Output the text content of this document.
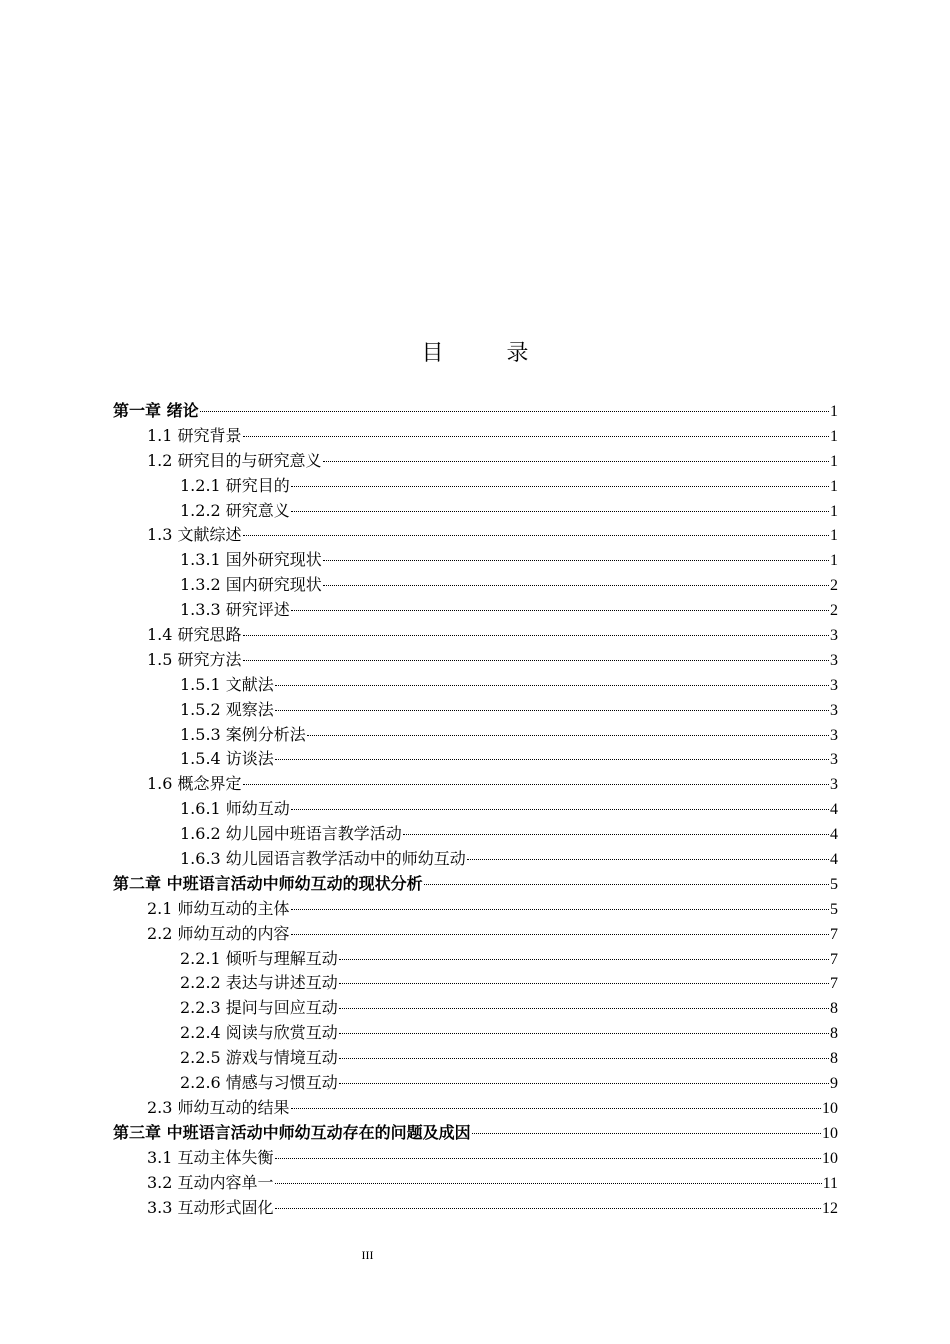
目 录
第一章 绪论	1
1.1 研究背景	1
1.2 研究目的与研究意义	1
1.2.1 研究目的	1
1.2.2 研究意义	1
1.3 文献综述	1
1.3.1 国外研究现状	1
1.3.2 国内研究现状	2
1.3.3 研究评述	2
1.4 研究思路	3
1.5 研究方法	3
1.5.1 文献法	3
1.5.2 观察法	3
1.5.3 案例分析法	3
1.5.4 访谈法	3
1.6 概念界定	3
1.6.1 师幼互动	4
1.6.2 幼儿园中班语言教学活动	4
1.6.3 幼儿园语言教学活动中的师幼互动	4
第二章 中班语言活动中师幼互动的现状分析	5
2.1 师幼互动的主体	5
2.2 师幼互动的内容	7
2.2.1 倾听与理解互动	7
2.2.2 表达与讲述互动	7
2.2.3 提问与回应互动	8
2.2.4 阅读与欣赏互动	8
2.2.5 游戏与情境互动	8
2.2.6 情感与习惯互动	9
2.3 师幼互动的结果	10
第三章 中班语言活动中师幼互动存在的问题及成因	10
3.1 互动主体失衡	10
3.2 互动内容单一	11
3.3 互动形式固化	12
III
